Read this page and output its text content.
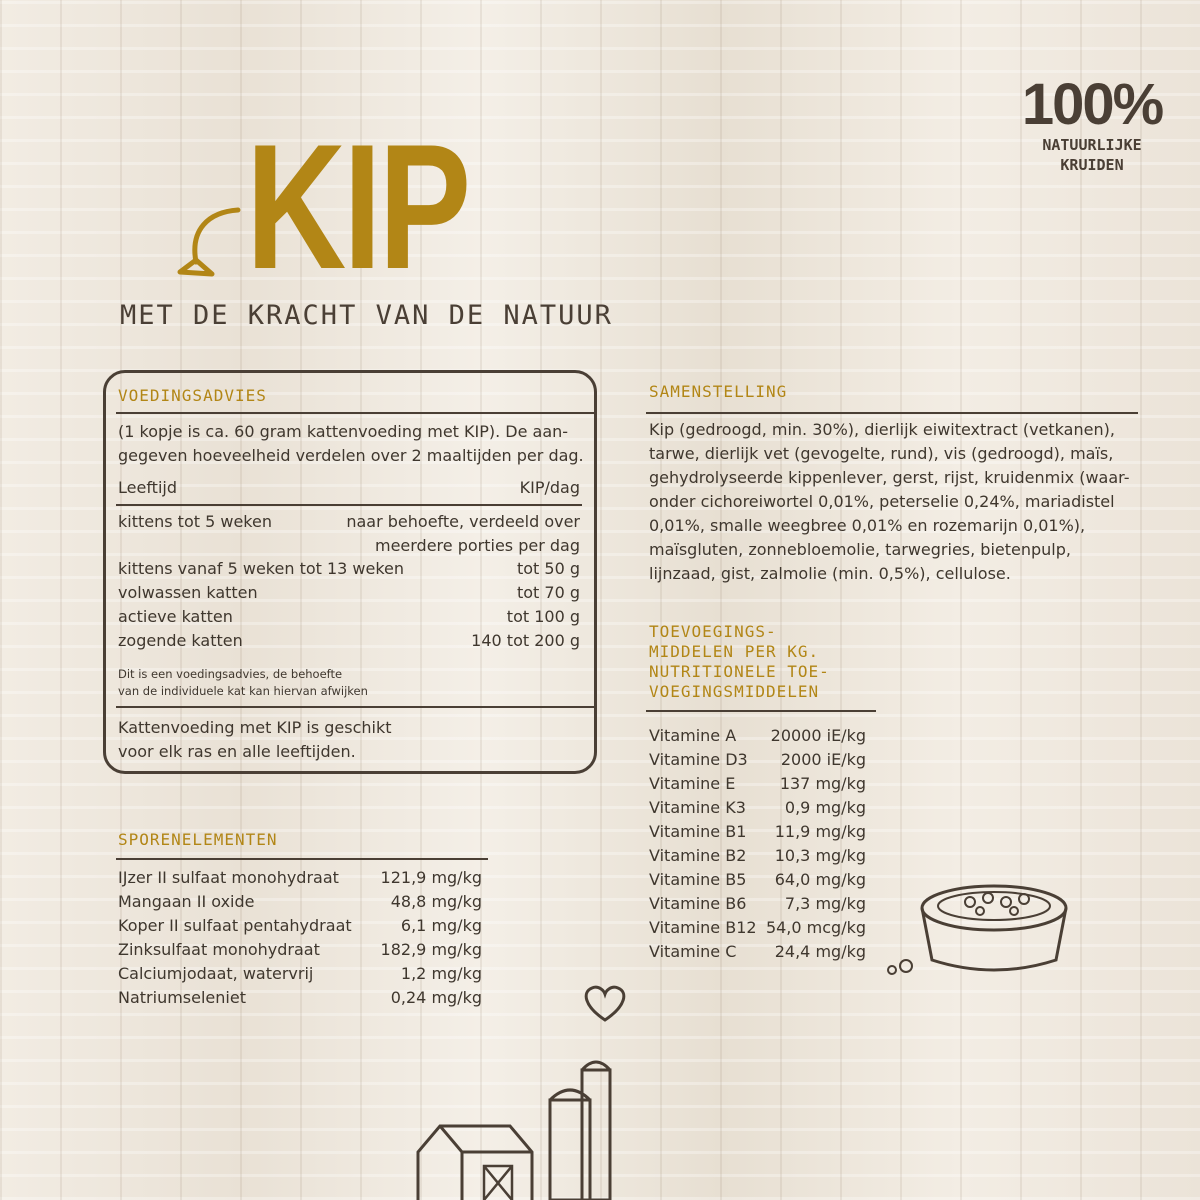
KIP
MET DE KRACHT VAN DE NATUUR
100%
NATUURLIJKE
KRUIDEN
VOEDINGSADVIES
(1 kopje is ca. 60 gram kattenvoeding met KIP). De aan-
gegeven hoeveelheid verdelen over 2 maaltijden per dag.
Leeftijd	KIP/dag
kittens tot 5 weken	naar behoefte, verdeeld over
meerdere porties per dag
kittens vanaf 5 weken tot 13 weken	tot 50 g
volwassen katten	tot 70 g
actieve katten	tot 100 g
zogende katten	140 tot 200 g
Dit is een voedingsadvies, de behoefte
van de individuele kat kan hiervan afwijken
Kattenvoeding met KIP is geschikt
voor elk ras en alle leeftijden.
SPORENELEMENTEN
IJzer II sulfaat monohydraat	121,9 mg/kg
Mangaan II oxide	48,8 mg/kg
Koper II sulfaat pentahydraat	6,1 mg/kg
Zinksulfaat monohydraat	182,9 mg/kg
Calciumjodaat, watervrij	1,2 mg/kg
Natriumseleniet	0,24 mg/kg
SAMENSTELLING
Kip (gedroogd, min. 30%), dierlijk eiwitextract (vetkanen),
tarwe, dierlijk vet (gevogelte, rund), vis (gedroogd), maïs,
gehydrolyseerde kippenlever, gerst, rijst, kruidenmix (waar-
onder cichoreiwortel 0,01%, peterselie 0,24%, mariadistel
0,01%, smalle weegbree 0,01% en rozemarijn 0,01%),
maïsgluten, zonnebloemolie, tarwegries, bietenpulp,
lijnzaad, gist, zalmolie (min. 0,5%), cellulose.
TOEVOEGINGS-
MIDDELEN PER KG.
NUTRITIONELE TOE-
VOEGINGSMIDDELEN
Vitamine A	20000 iE/kg
Vitamine D3	2000 iE/kg
Vitamine E	137 mg/kg
Vitamine K3	0,9 mg/kg
Vitamine B1	11,9 mg/kg
Vitamine B2	10,3 mg/kg
Vitamine B5	64,0 mg/kg
Vitamine B6	7,3 mg/kg
Vitamine B12 54,0 mcg/kg
Vitamine C	24,4 mg/kg
